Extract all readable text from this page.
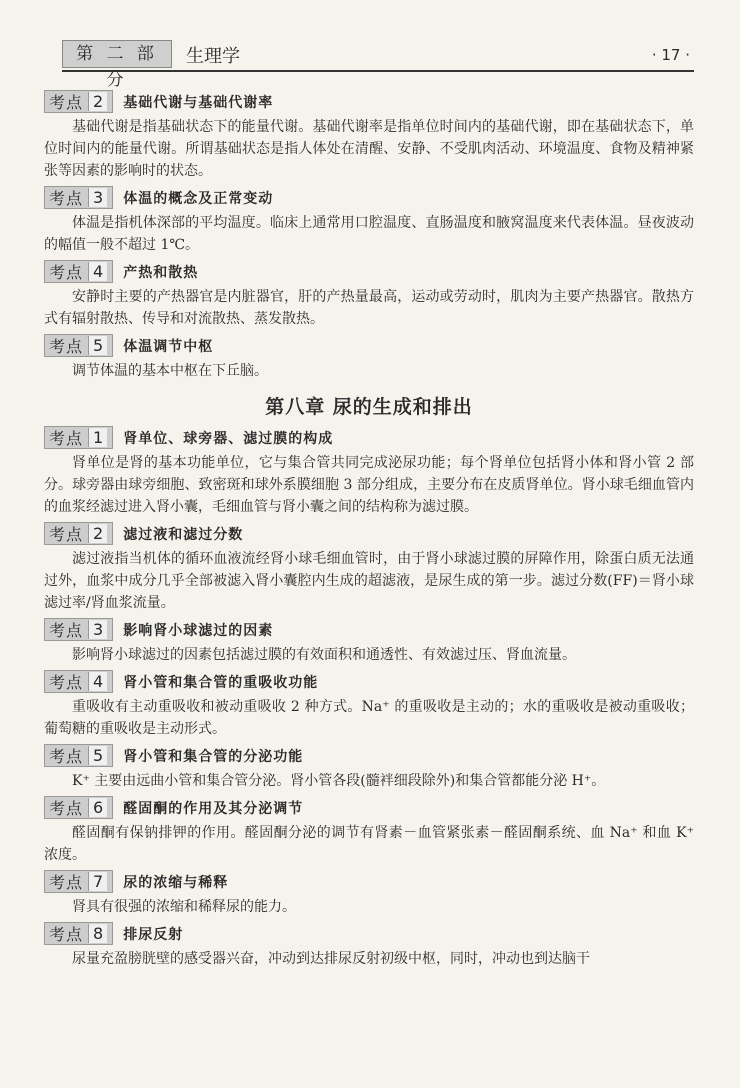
第 二 部 分
生理学	· 17 ·
考点 2 基础代谢与基础代谢率

基础代谢是指基础状态下的能量代谢。基础代谢率是指单位时间内的基础代谢，即在基础状态下，单位时间内的能量代谢。所谓基础状态是指人体处在清醒、安静、不受肌肉活动、环境温度、食物及精神紧张等因素的影响时的状态。

考点 3 体温的概念及正常变动

体温是指机体深部的平均温度。临床上通常用口腔温度、直肠温度和腋窝温度来代表体温。昼夜波动的幅值一般不超过 1℃。

考点 4 产热和散热

安静时主要的产热器官是内脏器官，肝的产热量最高，运动或劳动时，肌肉为主要产热器官。散热方式有辐射散热、传导和对流散热、蒸发散热。

考点 5 体温调节中枢

调节体温的基本中枢在下丘脑。

第八章 尿的生成和排出
考点 1 肾单位、球旁器、滤过膜的构成

肾单位是肾的基本功能单位，它与集合管共同完成泌尿功能；每个肾单位包括肾小体和肾小管 2 部分。球旁器由球旁细胞、致密斑和球外系膜细胞 3 部分组成，主要分布在皮质肾单位。肾小球毛细血管内的血浆经滤过进入肾小囊，毛细血管与肾小囊之间的结构称为滤过膜。

考点 2 滤过液和滤过分数

滤过液指当机体的循环血液流经肾小球毛细血管时，由于肾小球滤过膜的屏障作用，除蛋白质无法通过外，血浆中成分几乎全部被滤入肾小囊腔内生成的超滤液，是尿生成的第一步。滤过分数(FF)＝肾小球滤过率/肾血浆流量。

考点 3 影响肾小球滤过的因素

影响肾小球滤过的因素包括滤过膜的有效面积和通透性、有效滤过压、肾血流量。

考点 4 肾小管和集合管的重吸收功能

重吸收有主动重吸收和被动重吸收 2 种方式。Na⁺ 的重吸收是主动的；水的重吸收是被动重吸收；葡萄糖的重吸收是主动形式。

考点 5 肾小管和集合管的分泌功能

K⁺ 主要由远曲小管和集合管分泌。肾小管各段(髓袢细段除外)和集合管都能分泌 H⁺。

考点 6 醛固酮的作用及其分泌调节

醛固酮有保钠排钾的作用。醛固酮分泌的调节有肾素－血管紧张素－醛固酮系统、血 Na⁺ 和血 K⁺ 浓度。

考点 7 尿的浓缩与稀释

肾具有很强的浓缩和稀释尿的能力。

考点 8 排尿反射

尿量充盈膀胱壁的感受器兴奋，冲动到达排尿反射初级中枢，同时，冲动也到达脑干
